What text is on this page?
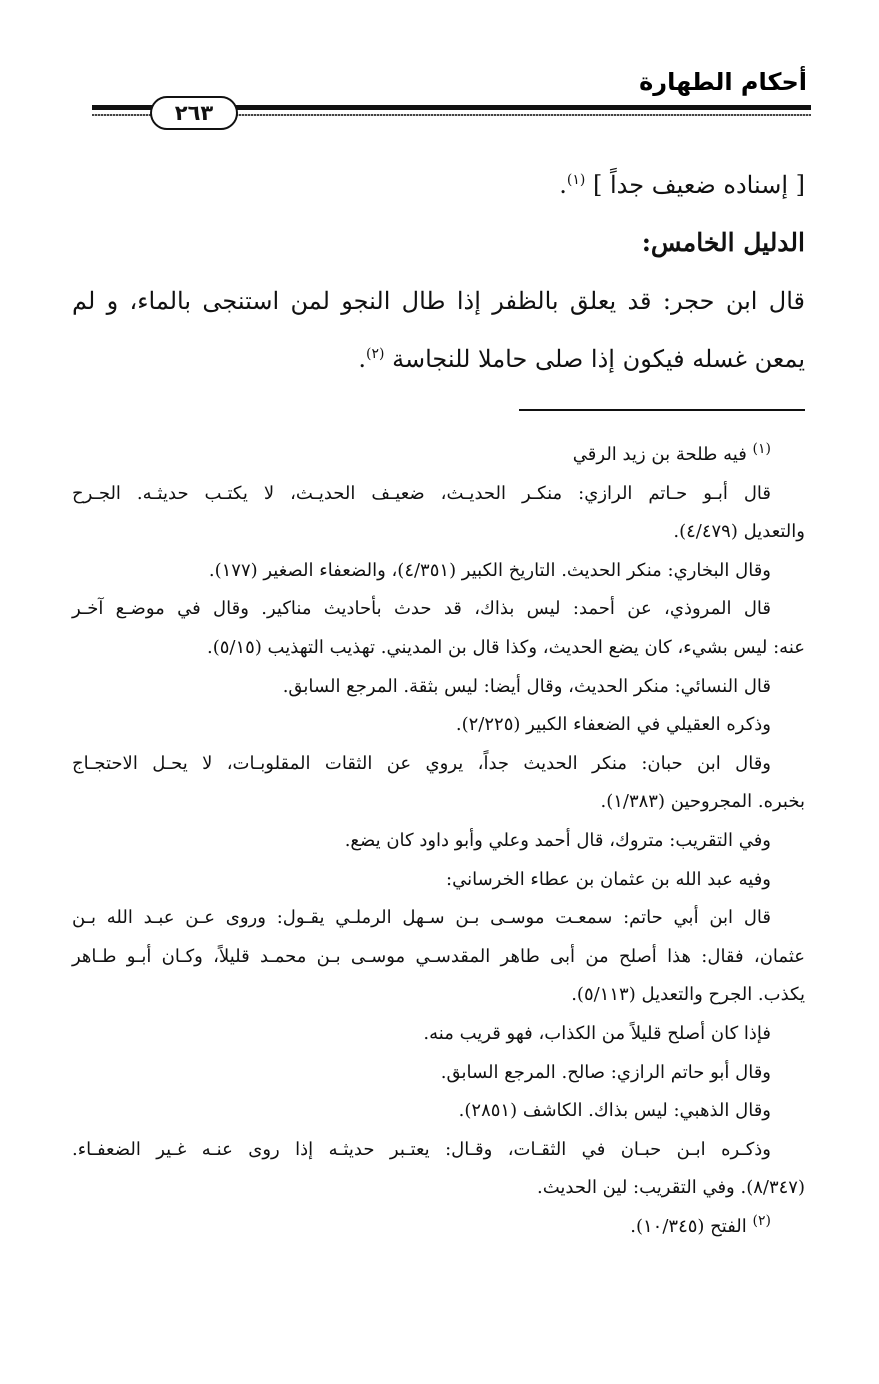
أحكام الطهارة
٢٦٣

[ إسناده ضعيف جداً ] $^{(١)}$.

الدليل الخامس:

قال ابن حجر: قد يعلق بالظفر إذا طال النجو لمن استنجى بالماء، و لم

يمعن غسله فيكون إذا صلى حاملا للنجاسة $^{(٢)}$.

$^{(١)}$ فيه طلحة بن زيد الرقي

قال أبـو حـاتم الرازي: منكـر الحديـث، ضعيـف الحديـث، لا يكتـب حديثـه. الجـرح

والتعديل (٤/٤٧٩).

وقال البخاري: منكر الحديث. التاريخ الكبير (٤/٣٥١)، والضعفاء الصغير (١٧٧).

قال المروذي، عن أحمد: ليس بذاك، قد حدث بأحاديث مناكير. وقال في موضـع آخـر

عنه: ليس بشيء، كان يضع الحديث، وكذا قال بن المديني. تهذيب التهذيب (٥/١٥).

قال النسائي: منكر الحديث، وقال أيضا: ليس بثقة. المرجع السابق.

وذكره العقيلي في الضعفاء الكبير (٢/٢٢٥).

وقال ابن حبان: منكر الحديث جداً، يروي عن الثقات المقلوبـات، لا يحـل الاحتجـاج

بخبره. المجروحين (١/٣٨٣).

وفي التقريب: متروك، قال أحمد وعلي وأبو داود كان يضع.

وفيه عبد الله بن عثمان بن عطاء الخرساني:

قال ابن أبي حاتم: سمعـت موسـى بـن سـهل الرملـي يقـول: وروى عـن عبـد الله بـن

عثمان، فقال: هذا أصلح من أبى طاهر المقدسـي موسـى بـن محمـد قليلاً، وكـان أبـو طـاهر

يكذب. الجرح والتعديل (٥/١١٣).

فإذا كان أصلح قليلاً من الكذاب، فهو قريب منه.

وقال أبو حاتم الرازي: صالح. المرجع السابق.

وقال الذهبي: ليس بذاك. الكاشف (٢٨٥١).

وذكـره ابـن حبـان في الثقـات، وقـال: يعتـبر حديثـه إذا روى عنـه غـير الضعفـاء.

(٨/٣٤٧). وفي التقريب: لين الحديث.

$^{(٢)}$ الفتح (١٠/٣٤٥).
